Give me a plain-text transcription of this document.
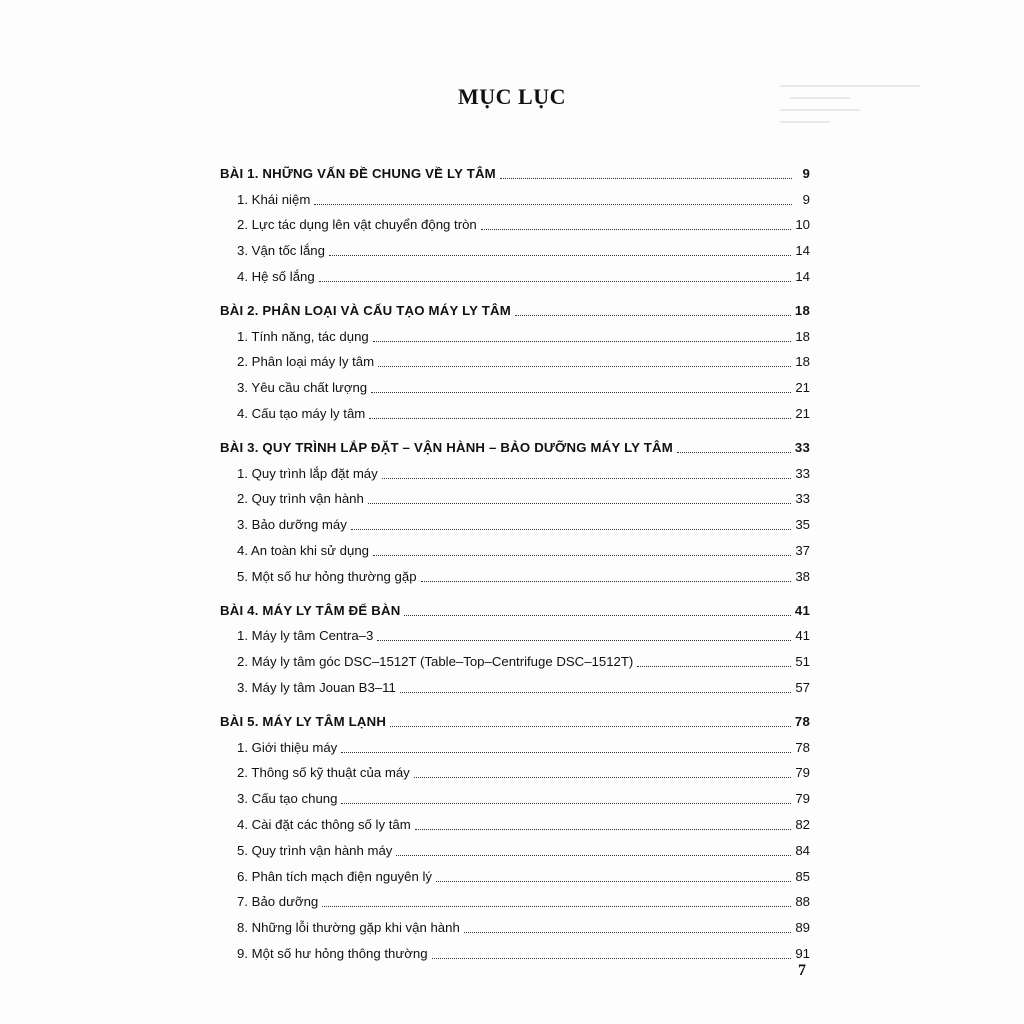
MỤC LỤC
BÀI 1. NHỮNG VẤN ĐỀ CHUNG VỀ LY TÂM	9
1. Khái niệm	9
2. Lực tác dụng lên vật chuyển động tròn	10
3. Vận tốc lắng	14
4. Hệ số lắng	14
BÀI 2. PHÂN LOẠI VÀ CẤU TẠO MÁY LY TÂM	18
1. Tính năng, tác dụng	18
2. Phân loại máy ly tâm	18
3. Yêu cầu chất lượng	21
4. Cấu tạo máy ly tâm	21
BÀI 3. QUY TRÌNH LẮP ĐẶT – VẬN HÀNH – BẢO DƯỠNG MÁY LY TÂM	33
1. Quy trình lắp đặt máy	33
2. Quy trình vận hành	33
3. Bảo dưỡng máy	35
4. An toàn khi sử dụng	37
5. Một số hư hỏng thường gặp	38
BÀI 4. MÁY LY TÂM ĐỂ BÀN	41
1. Máy ly tâm Centra–3	41
2. Máy ly tâm góc DSC–1512T (Table–Top–Centrifuge DSC–1512T)	51
3. Máy ly tâm Jouan B3–11	57
BÀI 5. MÁY LY TÂM LẠNH	78
1. Giới thiệu máy	78
2. Thông số kỹ thuật của máy	79
3. Cấu tạo chung	79
4. Cài đặt các thông số ly tâm	82
5. Quy trình vận hành máy	84
6. Phân tích mạch điện nguyên lý	85
7. Bảo dưỡng	88
8. Những lỗi thường gặp khi vận hành	89
9. Một số hư hỏng thông thường	91
7
